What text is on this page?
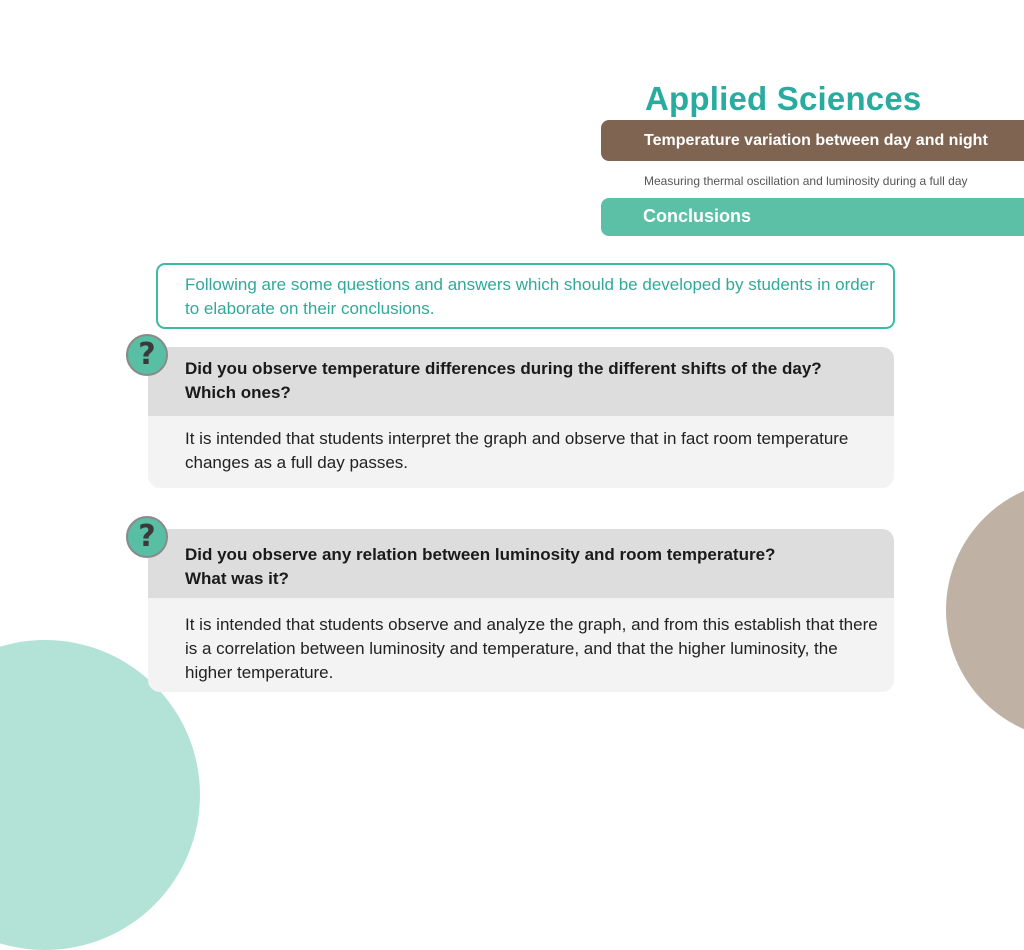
Applied Sciences
Temperature variation between day and night
Measuring thermal oscillation and luminosity during a full day
Conclusions
Following are some questions and answers which should be developed by students in order to elaborate on their conclusions.
?	Did you observe temperature differences during the different shifts of the day?
Which ones?
It is intended that students interpret the graph and observe that in fact room temperature changes as a full day passes.
?
Did you observe any relation between luminosity and room temperature?
What was it?
It is intended that students observe and analyze the graph, and from this establish that there is a correlation between luminosity and temperature, and that the higher luminosity, the higher temperature.
